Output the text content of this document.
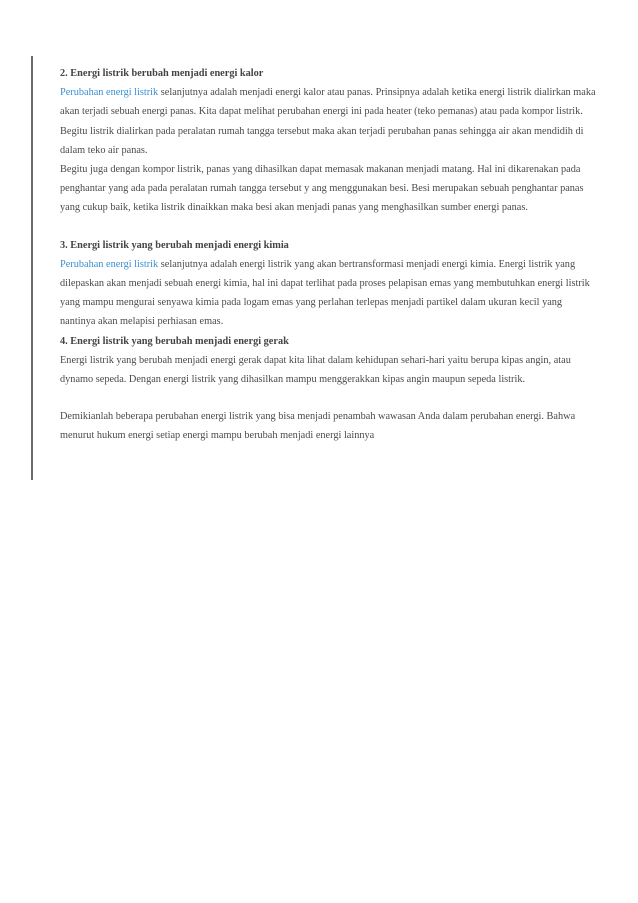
2. Energi listrik berubah menjadi energi kalor

Perubahan energi listrik selanjutnya adalah menjadi energi kalor atau panas. Prinsipnya adalah ketika energi listrik dialirkan maka akan terjadi sebuah energi panas. Kita dapat melihat perubahan energi ini pada heater (teko pemanas) atau pada kompor listrik. Begitu listrik dialirkan pada peralatan rumah tangga tersebut maka akan terjadi perubahan panas sehingga air akan mendidih di dalam teko air panas.

Begitu juga dengan kompor listrik, panas yang dihasilkan dapat memasak makanan menjadi matang. Hal ini dikarenakan pada penghantar yang ada pada peralatan rumah tangga tersebut y ang menggunakan besi. Besi merupakan sebuah penghantar panas yang cukup baik, ketika listrik dinaikkan maka besi akan menjadi panas yang menghasilkan sumber energi panas.

3. Energi listrik yang berubah menjadi energi kimia

Perubahan energi listrik selanjutnya adalah energi listrik yang akan bertransformasi menjadi energi kimia. Energi listrik yang dilepaskan akan menjadi sebuah energi kimia, hal ini dapat terlihat pada proses pelapisan emas yang membutuhkan energi listrik yang mampu mengurai senyawa kimia pada logam emas yang perlahan terlepas menjadi partikel dalam ukuran kecil yang nantinya akan melapisi perhiasan emas.

4. Energi listrik yang berubah menjadi energi gerak

Energi listrik yang berubah menjadi energi gerak dapat kita lihat dalam kehidupan sehari-hari yaitu berupa kipas angin, atau dynamo sepeda. Dengan energi listrik yang dihasilkan mampu menggerakkan kipas angin maupun sepeda listrik.

Demikianlah beberapa perubahan energi listrik yang bisa menjadi penambah wawasan Anda dalam perubahan energi. Bahwa menurut hukum energi setiap energi mampu berubah menjadi energi lainnya
